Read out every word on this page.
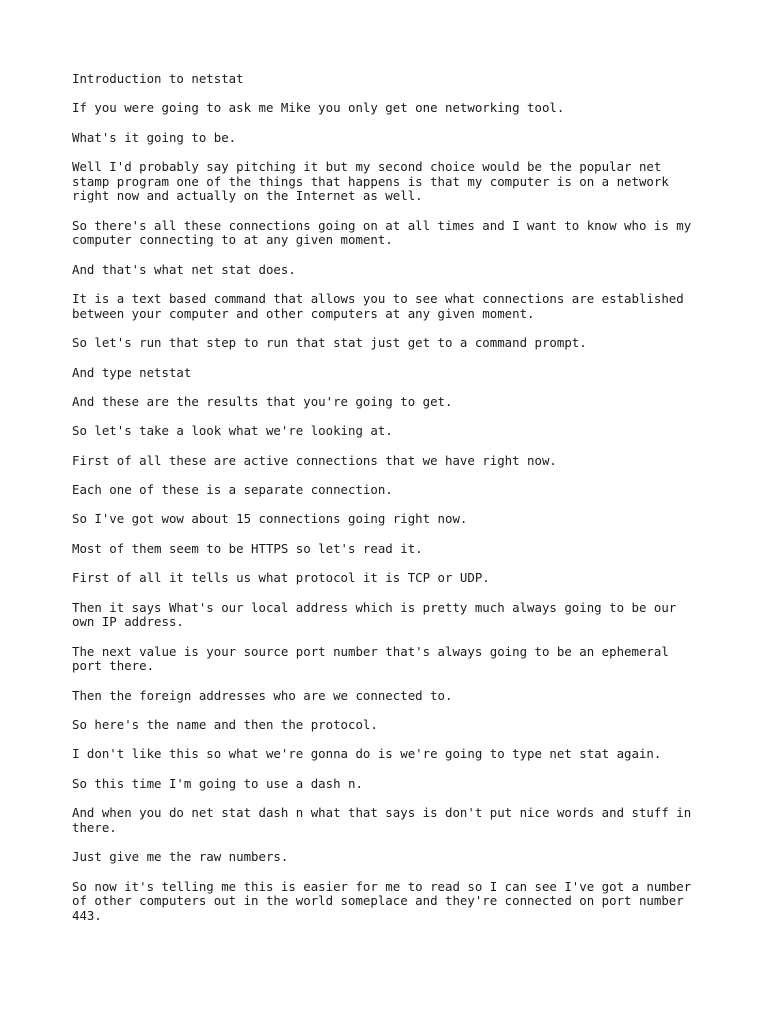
Introduction to netstat

If you were going to ask me Mike you only get one networking tool.

What's it going to be.

Well I'd probably say pitching it but my second choice would be the popular net
stamp program one of the things that happens is that my computer is on a network
right now and actually on the Internet as well.

So there's all these connections going on at all times and I want to know who is my
computer connecting to at any given moment.

And that's what net stat does.

It is a text based command that allows you to see what connections are established
between your computer and other computers at any given moment.

So let's run that step to run that stat just get to a command prompt.

And type netstat

And these are the results that you're going to get.

So let's take a look what we're looking at.

First of all these are active connections that we have right now.

Each one of these is a separate connection.

So I've got wow about 15 connections going right now.

Most of them seem to be HTTPS so let's read it.

First of all it tells us what protocol it is TCP or UDP.

Then it says What's our local address which is pretty much always going to be our
own IP address.

The next value is your source port number that's always going to be an ephemeral
port there.

Then the foreign addresses who are we connected to.

So here's the name and then the protocol.

I don't like this so what we're gonna do is we're going to type net stat again.

So this time I'm going to use a dash n.

And when you do net stat dash n what that says is don't put nice words and stuff in
there.

Just give me the raw numbers.

So now it's telling me this is easier for me to read so I can see I've got a number
of other computers out in the world someplace and they're connected on port number
443.
